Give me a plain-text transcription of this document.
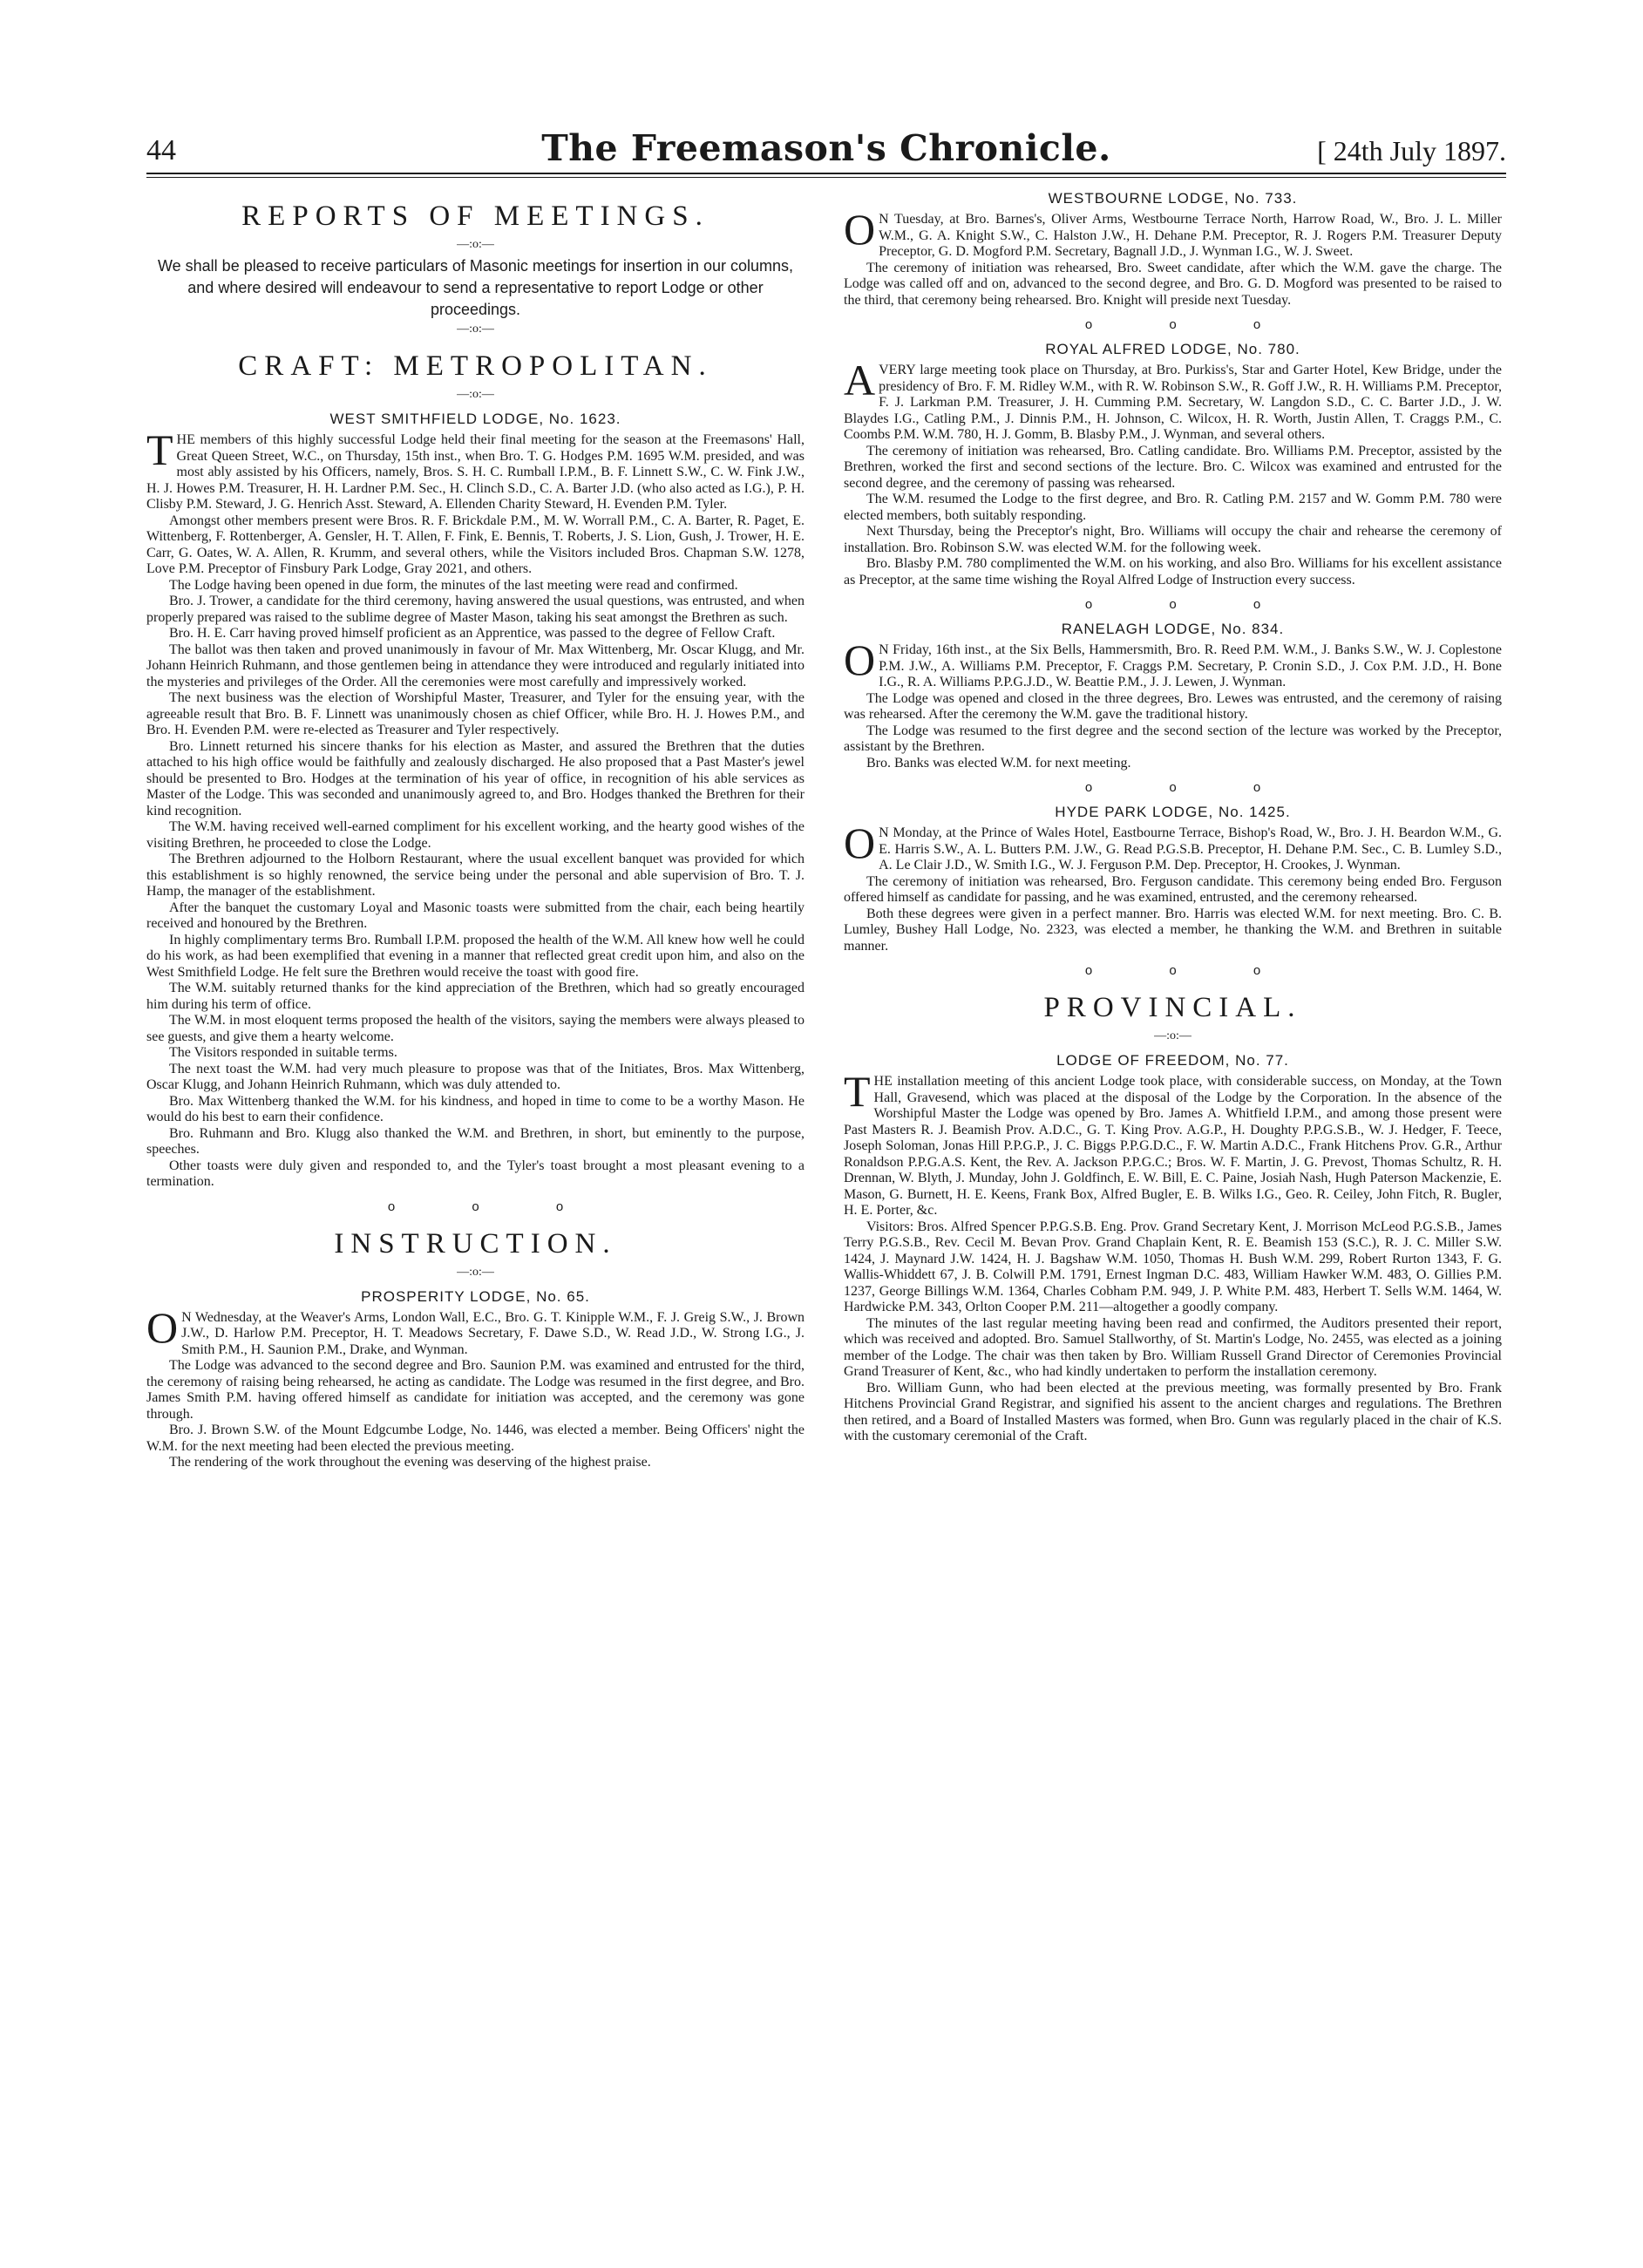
44	The Freemason's Chronicle.	[ 24th July 1897.
REPORTS OF MEETINGS.
—:o:—
We shall be pleased to receive particulars of Masonic meetings for insertion in our columns, and where desired will endeavour to send a representative to report Lodge or other proceedings.
—:o:—
CRAFT: METROPOLITAN.
—:o:—
WEST SMITHFIELD LODGE, No. 1623.

THE members of this highly successful Lodge held their final meeting for the season at the Freemasons' Hall, Great Queen Street, W.C., on Thursday, 15th inst., when Bro. T. G. Hodges P.M. 1695 W.M. presided, and was most ably assisted by his Officers, namely, Bros. S. H. C. Rumball I.P.M., B. F. Linnett S.W., C. W. Fink J.W., H. J. Howes P.M. Treasurer, H. H. Lardner P.M. Sec., H. Clinch S.D., C. A. Barter J.D. (who also acted as I.G.), P. H. Clisby P.M. Steward, J. G. Henrich Asst. Steward, A. Ellenden Charity Steward, H. Evenden P.M. Tyler.

Amongst other members present were Bros. R. F. Brickdale P.M., M. W. Worrall P.M., C. A. Barter, R. Paget, E. Wittenberg, F. Rottenberger, A. Gensler, H. T. Allen, F. Fink, E. Bennis, T. Roberts, J. S. Lion, Gush, J. Trower, H. E. Carr, G. Oates, W. A. Allen, R. Krumm, and several others, while the Visitors included Bros. Chapman S.W. 1278, Love P.M. Preceptor of Finsbury Park Lodge, Gray 2021, and others.

The Lodge having been opened in due form, the minutes of the last meeting were read and confirmed.

Bro. J. Trower, a candidate for the third ceremony, having answered the usual questions, was entrusted, and when properly prepared was raised to the sublime degree of Master Mason, taking his seat amongst the Brethren as such.

Bro. H. E. Carr having proved himself proficient as an Apprentice, was passed to the degree of Fellow Craft.

The ballot was then taken and proved unanimously in favour of Mr. Max Wittenberg, Mr. Oscar Klugg, and Mr. Johann Heinrich Ruhmann, and those gentlemen being in attendance they were introduced and regularly initiated into the mysteries and privileges of the Order. All the ceremonies were most carefully and impressively worked.

The next business was the election of Worshipful Master, Treasurer, and Tyler for the ensuing year, with the agreeable result that Bro. B. F. Linnett was unanimously chosen as chief Officer, while Bro. H. J. Howes P.M., and Bro. H. Evenden P.M. were re-elected as Treasurer and Tyler respectively.

Bro. Linnett returned his sincere thanks for his election as Master, and assured the Brethren that the duties attached to his high office would be faithfully and zealously discharged. He also proposed that a Past Master's jewel should be presented to Bro. Hodges at the termination of his year of office, in recognition of his able services as Master of the Lodge. This was seconded and unanimously agreed to, and Bro. Hodges thanked the Brethren for their kind recognition.

The W.M. having received well-earned compliment for his excellent working, and the hearty good wishes of the visiting Brethren, he proceeded to close the Lodge.

The Brethren adjourned to the Holborn Restaurant, where the usual excellent banquet was provided for which this establishment is so highly renowned, the service being under the personal and able supervision of Bro. T. J. Hamp, the manager of the establishment.

After the banquet the customary Loyal and Masonic toasts were submitted from the chair, each being heartily received and honoured by the Brethren.

In highly complimentary terms Bro. Rumball I.P.M. proposed the health of the W.M. All knew how well he could do his work, as had been exemplified that evening in a manner that reflected great credit upon him, and also on the West Smithfield Lodge. He felt sure the Brethren would receive the toast with good fire.

The W.M. suitably returned thanks for the kind appreciation of the Brethren, which had so greatly encouraged him during his term of office.

The W.M. in most eloquent terms proposed the health of the visitors, saying the members were always pleased to see guests, and give them a hearty welcome.

The Visitors responded in suitable terms.

The next toast the W.M. had very much pleasure to propose was that of the Initiates, Bros. Max Wittenberg, Oscar Klugg, and Johann Heinrich Ruhmann, which was duly attended to.

Bro. Max Wittenberg thanked the W.M. for his kindness, and hoped in time to come to be a worthy Mason. He would do his best to earn their confidence.

Bro. Ruhmann and Bro. Klugg also thanked the W.M. and Brethren, in short, but eminently to the purpose, speeches.

Other toasts were duly given and responded to, and the Tyler's toast brought a most pleasant evening to a termination.

o o o
INSTRUCTION.
—:o:—
PROSPERITY LODGE, No. 65.

ON Wednesday, at the Weaver's Arms, London Wall, E.C., Bro. G. T. Kinipple W.M., F. J. Greig S.W., J. Brown J.W., D. Harlow P.M. Preceptor, H. T. Meadows Secretary, F. Dawe S.D., W. Read J.D., W. Strong I.G., J. Smith P.M., H. Saunion P.M., Drake, and Wynman.

The Lodge was advanced to the second degree and Bro. Saunion P.M. was examined and entrusted for the third, the ceremony of raising being rehearsed, he acting as candidate. The Lodge was resumed in the first degree, and Bro. James Smith P.M. having offered himself as candidate for initiation was accepted, and the ceremony was gone through.

Bro. J. Brown S.W. of the Mount Edgcumbe Lodge, No. 1446, was elected a member. Being Officers' night the W.M. for the next meeting had been elected the previous meeting.

The rendering of the work throughout the evening was deserving of the highest praise.

WESTBOURNE LODGE, No. 733.

ON Tuesday, at Bro. Barnes's, Oliver Arms, Westbourne Terrace North, Harrow Road, W., Bro. J. L. Miller W.M., G. A. Knight S.W., C. Halston J.W., H. Dehane P.M. Preceptor, R. J. Rogers P.M. Treasurer Deputy Preceptor, G. D. Mogford P.M. Secretary, Bagnall J.D., J. Wynman I.G., W. J. Sweet.

The ceremony of initiation was rehearsed, Bro. Sweet candidate, after which the W.M. gave the charge. The Lodge was called off and on, advanced to the second degree, and Bro. G. D. Mogford was presented to be raised to the third, that ceremony being rehearsed. Bro. Knight will preside next Tuesday.

o o o
ROYAL ALFRED LODGE, No. 780.

AVERY large meeting took place on Thursday, at Bro. Purkiss's, Star and Garter Hotel, Kew Bridge, under the presidency of Bro. F. M. Ridley W.M., with R. W. Robinson S.W., R. Goff J.W., R. H. Williams P.M. Preceptor, F. J. Larkman P.M. Treasurer, J. H. Cumming P.M. Secretary, W. Langdon S.D., C. C. Barter J.D., J. W. Blaydes I.G., Catling P.M., J. Dinnis P.M., H. Johnson, C. Wilcox, H. R. Worth, Justin Allen, T. Craggs P.M., C. Coombs P.M. W.M. 780, H. J. Gomm, B. Blasby P.M., J. Wynman, and several others.

The ceremony of initiation was rehearsed, Bro. Catling candidate. Bro. Williams P.M. Preceptor, assisted by the Brethren, worked the first and second sections of the lecture. Bro. C. Wilcox was examined and entrusted for the second degree, and the ceremony of passing was rehearsed.

The W.M. resumed the Lodge to the first degree, and Bro. R. Catling P.M. 2157 and W. Gomm P.M. 780 were elected members, both suitably responding.

Next Thursday, being the Preceptor's night, Bro. Williams will occupy the chair and rehearse the ceremony of installation. Bro. Robinson S.W. was elected W.M. for the following week.

Bro. Blasby P.M. 780 complimented the W.M. on his working, and also Bro. Williams for his excellent assistance as Preceptor, at the same time wishing the Royal Alfred Lodge of Instruction every success.

o o o
RANELAGH LODGE, No. 834.

ON Friday, 16th inst., at the Six Bells, Hammersmith, Bro. R. Reed P.M. W.M., J. Banks S.W., W. J. Coplestone P.M. J.W., A. Williams P.M. Preceptor, F. Craggs P.M. Secretary, P. Cronin S.D., J. Cox P.M. J.D., H. Bone I.G., R. A. Williams P.P.G.J.D., W. Beattie P.M., J. J. Lewen, J. Wynman.

The Lodge was opened and closed in the three degrees, Bro. Lewes was entrusted, and the ceremony of raising was rehearsed. After the ceremony the W.M. gave the traditional history.

The Lodge was resumed to the first degree and the second section of the lecture was worked by the Preceptor, assistant by the Brethren.

Bro. Banks was elected W.M. for next meeting.

o o o
HYDE PARK LODGE, No. 1425.

ON Monday, at the Prince of Wales Hotel, Eastbourne Terrace, Bishop's Road, W., Bro. J. H. Beardon W.M., G. E. Harris S.W., A. L. Butters P.M. J.W., G. Read P.G.S.B. Preceptor, H. Dehane P.M. Sec., C. B. Lumley S.D., A. Le Clair J.D., W. Smith I.G., W. J. Ferguson P.M. Dep. Preceptor, H. Crookes, J. Wynman.

The ceremony of initiation was rehearsed, Bro. Ferguson candidate. This ceremony being ended Bro. Ferguson offered himself as candidate for passing, and he was examined, entrusted, and the ceremony rehearsed.

Both these degrees were given in a perfect manner. Bro. Harris was elected W.M. for next meeting. Bro. C. B. Lumley, Bushey Hall Lodge, No. 2323, was elected a member, he thanking the W.M. and Brethren in suitable manner.

o o o
PROVINCIAL.
—:o:—
LODGE OF FREEDOM, No. 77.

THE installation meeting of this ancient Lodge took place, with considerable success, on Monday, at the Town Hall, Gravesend, which was placed at the disposal of the Lodge by the Corporation. In the absence of the Worshipful Master the Lodge was opened by Bro. James A. Whitfield I.P.M., and among those present were Past Masters R. J. Beamish Prov. A.D.C., G. T. King Prov. A.G.P., H. Doughty P.P.G.S.B., W. J. Hedger, F. Teece, Joseph Soloman, Jonas Hill P.P.G.P., J. C. Biggs P.P.G.D.C., F. W. Martin A.D.C., Frank Hitchens Prov. G.R., Arthur Ronaldson P.P.G.A.S. Kent, the Rev. A. Jackson P.P.G.C.; Bros. W. F. Martin, J. G. Prevost, Thomas Schultz, R. H. Drennan, W. Blyth, J. Munday, John J. Goldfinch, E. W. Bill, E. C. Paine, Josiah Nash, Hugh Paterson Mackenzie, E. Mason, G. Burnett, H. E. Keens, Frank Box, Alfred Bugler, E. B. Wilks I.G., Geo. R. Ceiley, John Fitch, R. Bugler, H. E. Porter, &c.

Visitors: Bros. Alfred Spencer P.P.G.S.B. Eng. Prov. Grand Secretary Kent, J. Morrison McLeod P.G.S.B., James Terry P.G.S.B., Rev. Cecil M. Bevan Prov. Grand Chaplain Kent, R. E. Beamish 153 (S.C.), R. J. C. Miller S.W. 1424, J. Maynard J.W. 1424, H. J. Bagshaw W.M. 1050, Thomas H. Bush W.M. 299, Robert Rurton 1343, F. G. Wallis-Whiddett 67, J. B. Colwill P.M. 1791, Ernest Ingman D.C. 483, William Hawker W.M. 483, O. Gillies P.M. 1237, George Billings W.M. 1364, Charles Cobham P.M. 949, J. P. White P.M. 483, Herbert T. Sells W.M. 1464, W. Hardwicke P.M. 343, Orlton Cooper P.M. 211—altogether a goodly company.

The minutes of the last regular meeting having been read and confirmed, the Auditors presented their report, which was received and adopted. Bro. Samuel Stallworthy, of St. Martin's Lodge, No. 2455, was elected as a joining member of the Lodge. The chair was then taken by Bro. William Russell Grand Director of Ceremonies Provincial Grand Treasurer of Kent, &c., who had kindly undertaken to perform the installation ceremony.

Bro. William Gunn, who had been elected at the previous meeting, was formally presented by Bro. Frank Hitchens Provincial Grand Registrar, and signified his assent to the ancient charges and regulations. The Brethren then retired, and a Board of Installed Masters was formed, when Bro. Gunn was regularly placed in the chair of K.S. with the customary ceremonial of the Craft.
